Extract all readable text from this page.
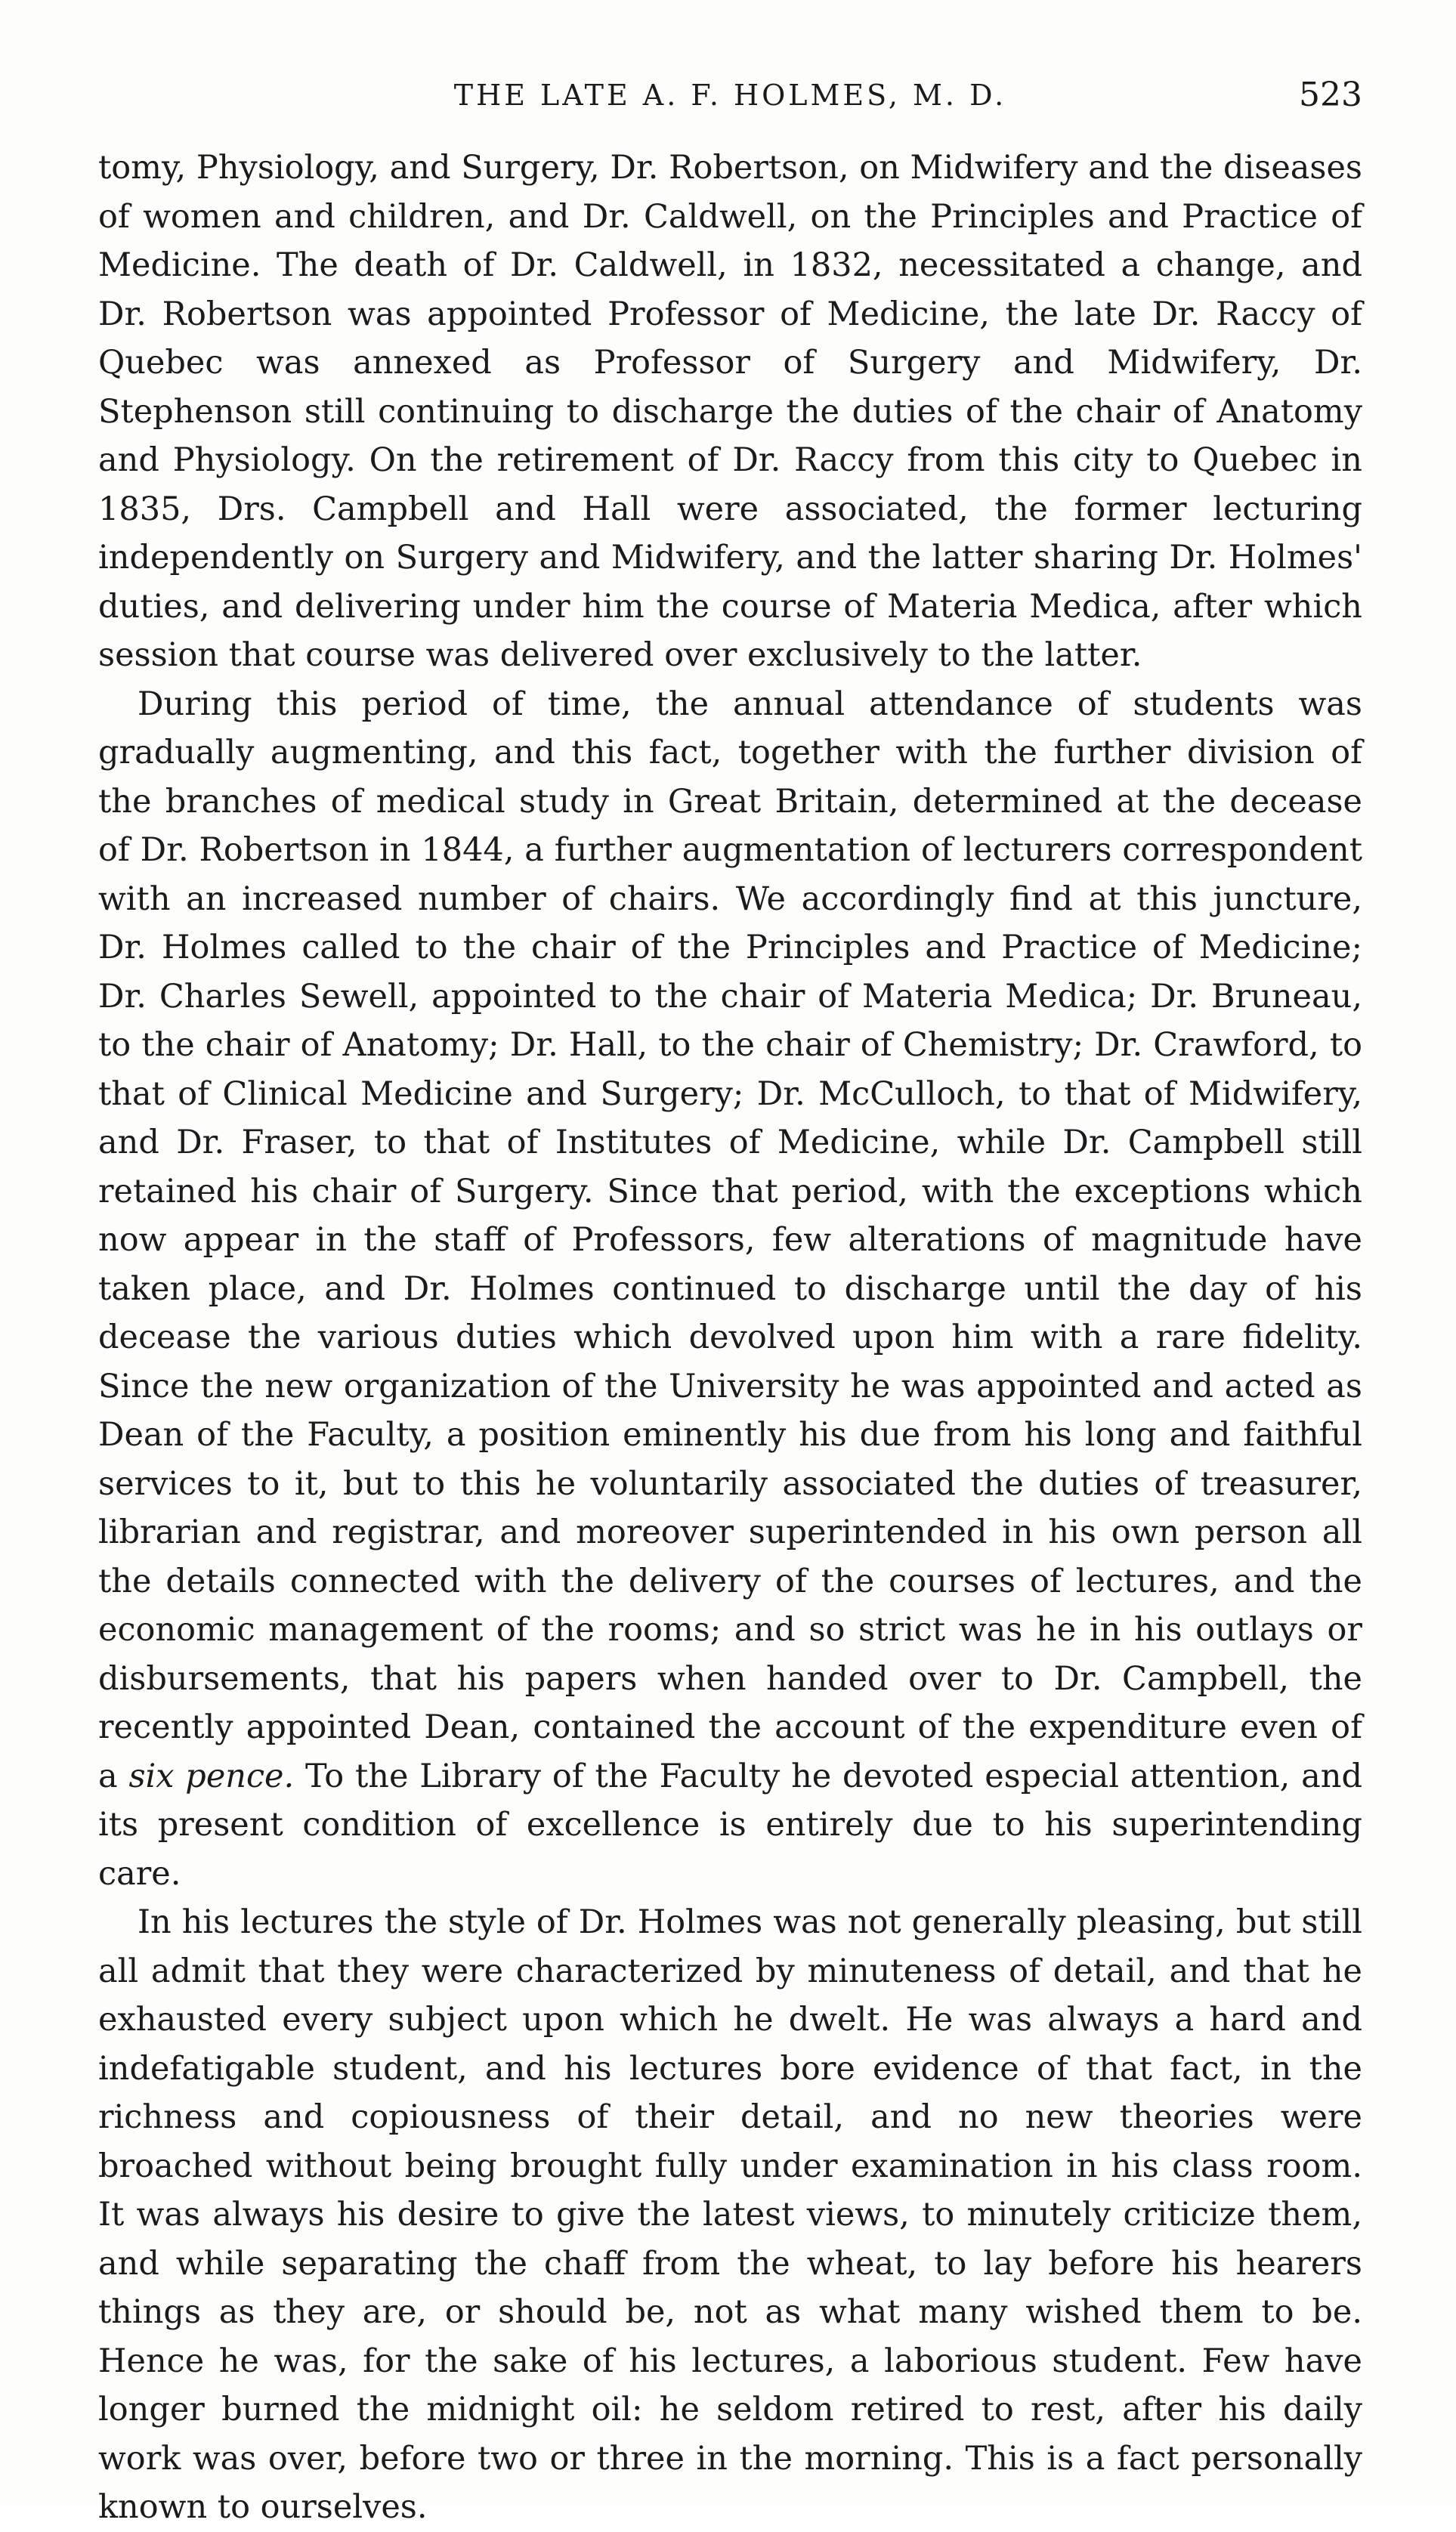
THE LATE A. F. HOLMES, M. D.	523

tomy, Physiology, and Surgery, Dr. Robertson, on Midwifery and the diseases of women and children, and Dr. Caldwell, on the Principles and Practice of Medicine. The death of Dr. Caldwell, in 1832, necessitated a change, and Dr. Robertson was appointed Professor of Medicine, the late Dr. Raccy of Quebec was annexed as Professor of Surgery and Midwifery, Dr. Stephenson still continuing to discharge the duties of the chair of Anatomy and Physiology. On the retirement of Dr. Raccy from this city to Quebec in 1835, Drs. Campbell and Hall were associated, the former lecturing independently on Surgery and Midwifery, and the latter sharing Dr. Holmes' duties, and delivering under him the course of Materia Medica, after which session that course was delivered over exclusively to the latter.

During this period of time, the annual attendance of students was gradually augmenting, and this fact, together with the further division of the branches of medical study in Great Britain, determined at the decease of Dr. Robertson in 1844, a further augmentation of lecturers correspondent with an increased number of chairs. We accordingly find at this juncture, Dr. Holmes called to the chair of the Principles and Practice of Medicine; Dr. Charles Sewell, appointed to the chair of Materia Medica; Dr. Bruneau, to the chair of Anatomy; Dr. Hall, to the chair of Chemistry; Dr. Crawford, to that of Clinical Medicine and Surgery; Dr. McCulloch, to that of Midwifery, and Dr. Fraser, to that of Institutes of Medicine, while Dr. Campbell still retained his chair of Surgery. Since that period, with the exceptions which now appear in the staff of Professors, few alterations of magnitude have taken place, and Dr. Holmes continued to discharge until the day of his decease the various duties which devolved upon him with a rare fidelity. Since the new organization of the University he was appointed and acted as Dean of the Faculty, a position eminently his due from his long and faithful services to it, but to this he voluntarily associated the duties of treasurer, librarian and registrar, and moreover superintended in his own person all the details connected with the delivery of the courses of lectures, and the economic management of the rooms; and so strict was he in his outlays or disbursements, that his papers when handed over to Dr. Campbell, the recently appointed Dean, contained the account of the expenditure even of a six pence. To the Library of the Faculty he devoted especial attention, and its present condition of excellence is entirely due to his superintending care.

In his lectures the style of Dr. Holmes was not generally pleasing, but still all admit that they were characterized by minuteness of detail, and that he exhausted every subject upon which he dwelt. He was always a hard and indefatigable student, and his lectures bore evidence of that fact, in the richness and copiousness of their detail, and no new theories were broached without being brought fully under examination in his class room. It was always his desire to give the latest views, to minutely criticize them, and while separating the chaff from the wheat, to lay before his hearers things as they are, or should be, not as what many wished them to be. Hence he was, for the sake of his lectures, a laborious student. Few have longer burned the midnight oil: he seldom retired to rest, after his daily work was over, before two or three in the morning. This is a fact personally known to ourselves.
